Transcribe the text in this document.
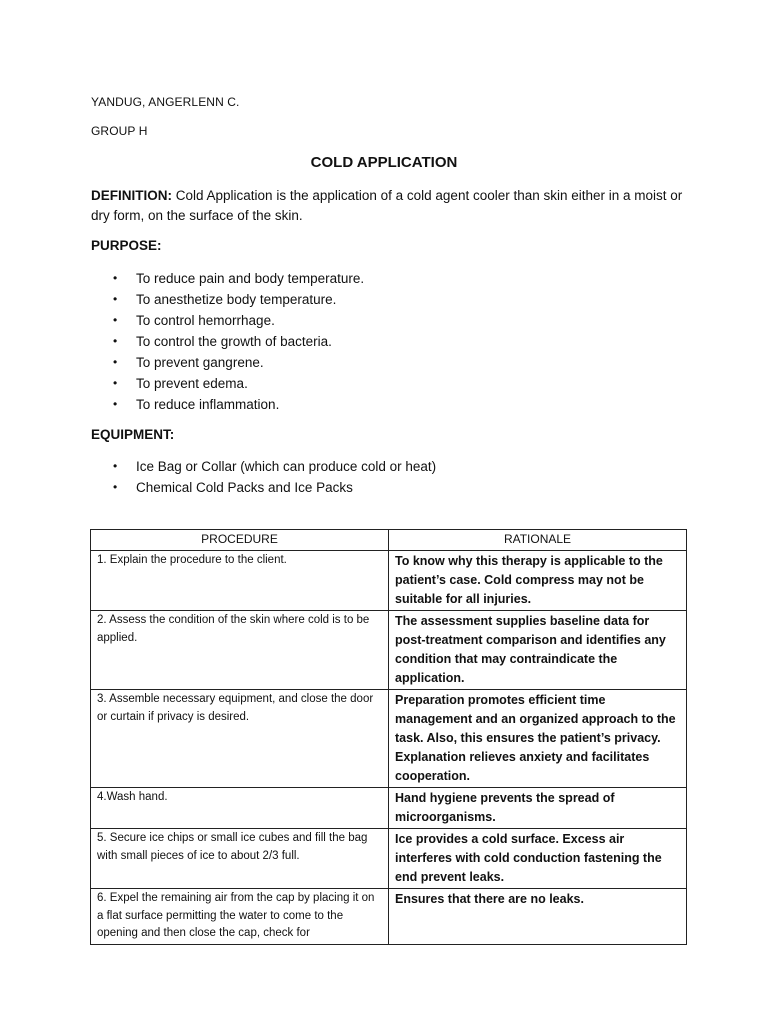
YANDUG, ANGERLENN C.
GROUP H
COLD APPLICATION
DEFINITION: Cold Application is the application of a cold agent cooler than skin either in a moist or dry form, on the surface of the skin.
PURPOSE:
• To reduce pain and body temperature.
• To anesthetize body temperature.
• To control hemorrhage.
• To control the growth of bacteria.
• To prevent gangrene.
• To prevent edema.
• To reduce inflammation.
EQUIPMENT:
• Ice Bag or Collar (which can produce cold or heat)
• Chemical Cold Packs and Ice Packs
PROCEDURE	RATIONALE
1. Explain the procedure to the client.	To know why this therapy is applicable to the patient’s case. Cold compress may not be suitable for all injuries.
2. Assess the condition of the skin where cold is to be applied.	The assessment supplies baseline data for post-treatment comparison and identifies any condition that may contraindicate the application.
3. Assemble necessary equipment, and close the door or curtain if privacy is desired.	Preparation promotes efficient time management and an organized approach to the task. Also, this ensures the patient’s privacy. Explanation relieves anxiety and facilitates cooperation.
4.Wash hand.	Hand hygiene prevents the spread of microorganisms.
5. Secure ice chips or small ice cubes and fill the bag with small pieces of ice to about 2/3 full.	Ice provides a cold surface. Excess air interferes with cold conduction fastening the end prevent leaks.
6. Expel the remaining air from the cap by placing it on a flat surface permitting the water to come to the opening and then close the cap, check for	Ensures that there are no leaks.
